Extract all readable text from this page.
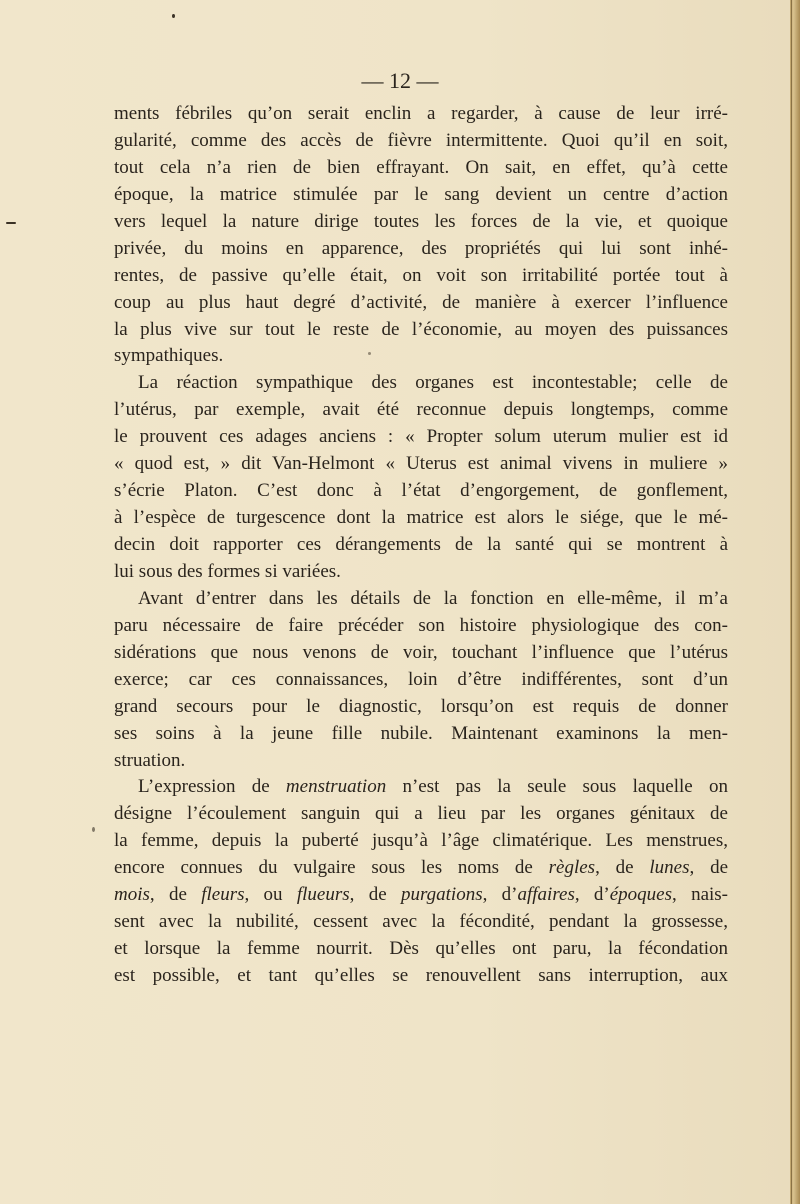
— 12 —
ments fébriles qu’on serait enclin a regarder, à cause de leur irré-
gularité, comme des accès de fièvre intermittente. Quoi qu’il en soit,
tout cela n’a rien de bien effrayant. On sait, en effet, qu’à cette
époque, la matrice stimulée par le sang devient un centre d’action
vers lequel la nature dirige toutes les forces de la vie, et quoique
privée, du moins en apparence, des propriétés qui lui sont inhé-
rentes, de passive qu’elle était, on voit son irritabilité portée tout à
coup au plus haut degré d’activité, de manière à exercer l’influence
la plus vive sur tout le reste de l’économie, au moyen des puissances
sympathiques.
La réaction sympathique des organes est incontestable; celle de
l’utérus, par exemple, avait été reconnue depuis longtemps, comme
le prouvent ces adages anciens : « Propter solum uterum mulier est id
« quod est, » dit Van-Helmont « Uterus est animal vivens in muliere »
s’écrie Platon. C’est donc à l’état d’engorgement, de gonflement,
à l’espèce de turgescence dont la matrice est alors le siége, que le mé-
decin doit rapporter ces dérangements de la santé qui se montrent à
lui sous des formes si variées.
Avant d’entrer dans les détails de la fonction en elle-même, il m’a
paru nécessaire de faire précéder son histoire physiologique des con-
sidérations que nous venons de voir, touchant l’influence que l’utérus
exerce; car ces connaissances, loin d’être indifférentes, sont d’un
grand secours pour le diagnostic, lorsqu’on est requis de donner
ses soins à la jeune fille nubile. Maintenant examinons la men-
struation.
L’expression de menstruation n’est pas la seule sous laquelle on
désigne l’écoulement sanguin qui a lieu par les organes génitaux de
la femme, depuis la puberté jusqu’à l’âge climatérique. Les menstrues,
encore connues du vulgaire sous les noms de règles, de lunes, de
mois, de fleurs, ou flueurs, de purgations, d’affaires, d’époques, nais-
sent avec la nubilité, cessent avec la fécondité, pendant la grossesse,
et lorsque la femme nourrit. Dès qu’elles ont paru, la fécondation
est possible, et tant qu’elles se renouvellent sans interruption, aux
